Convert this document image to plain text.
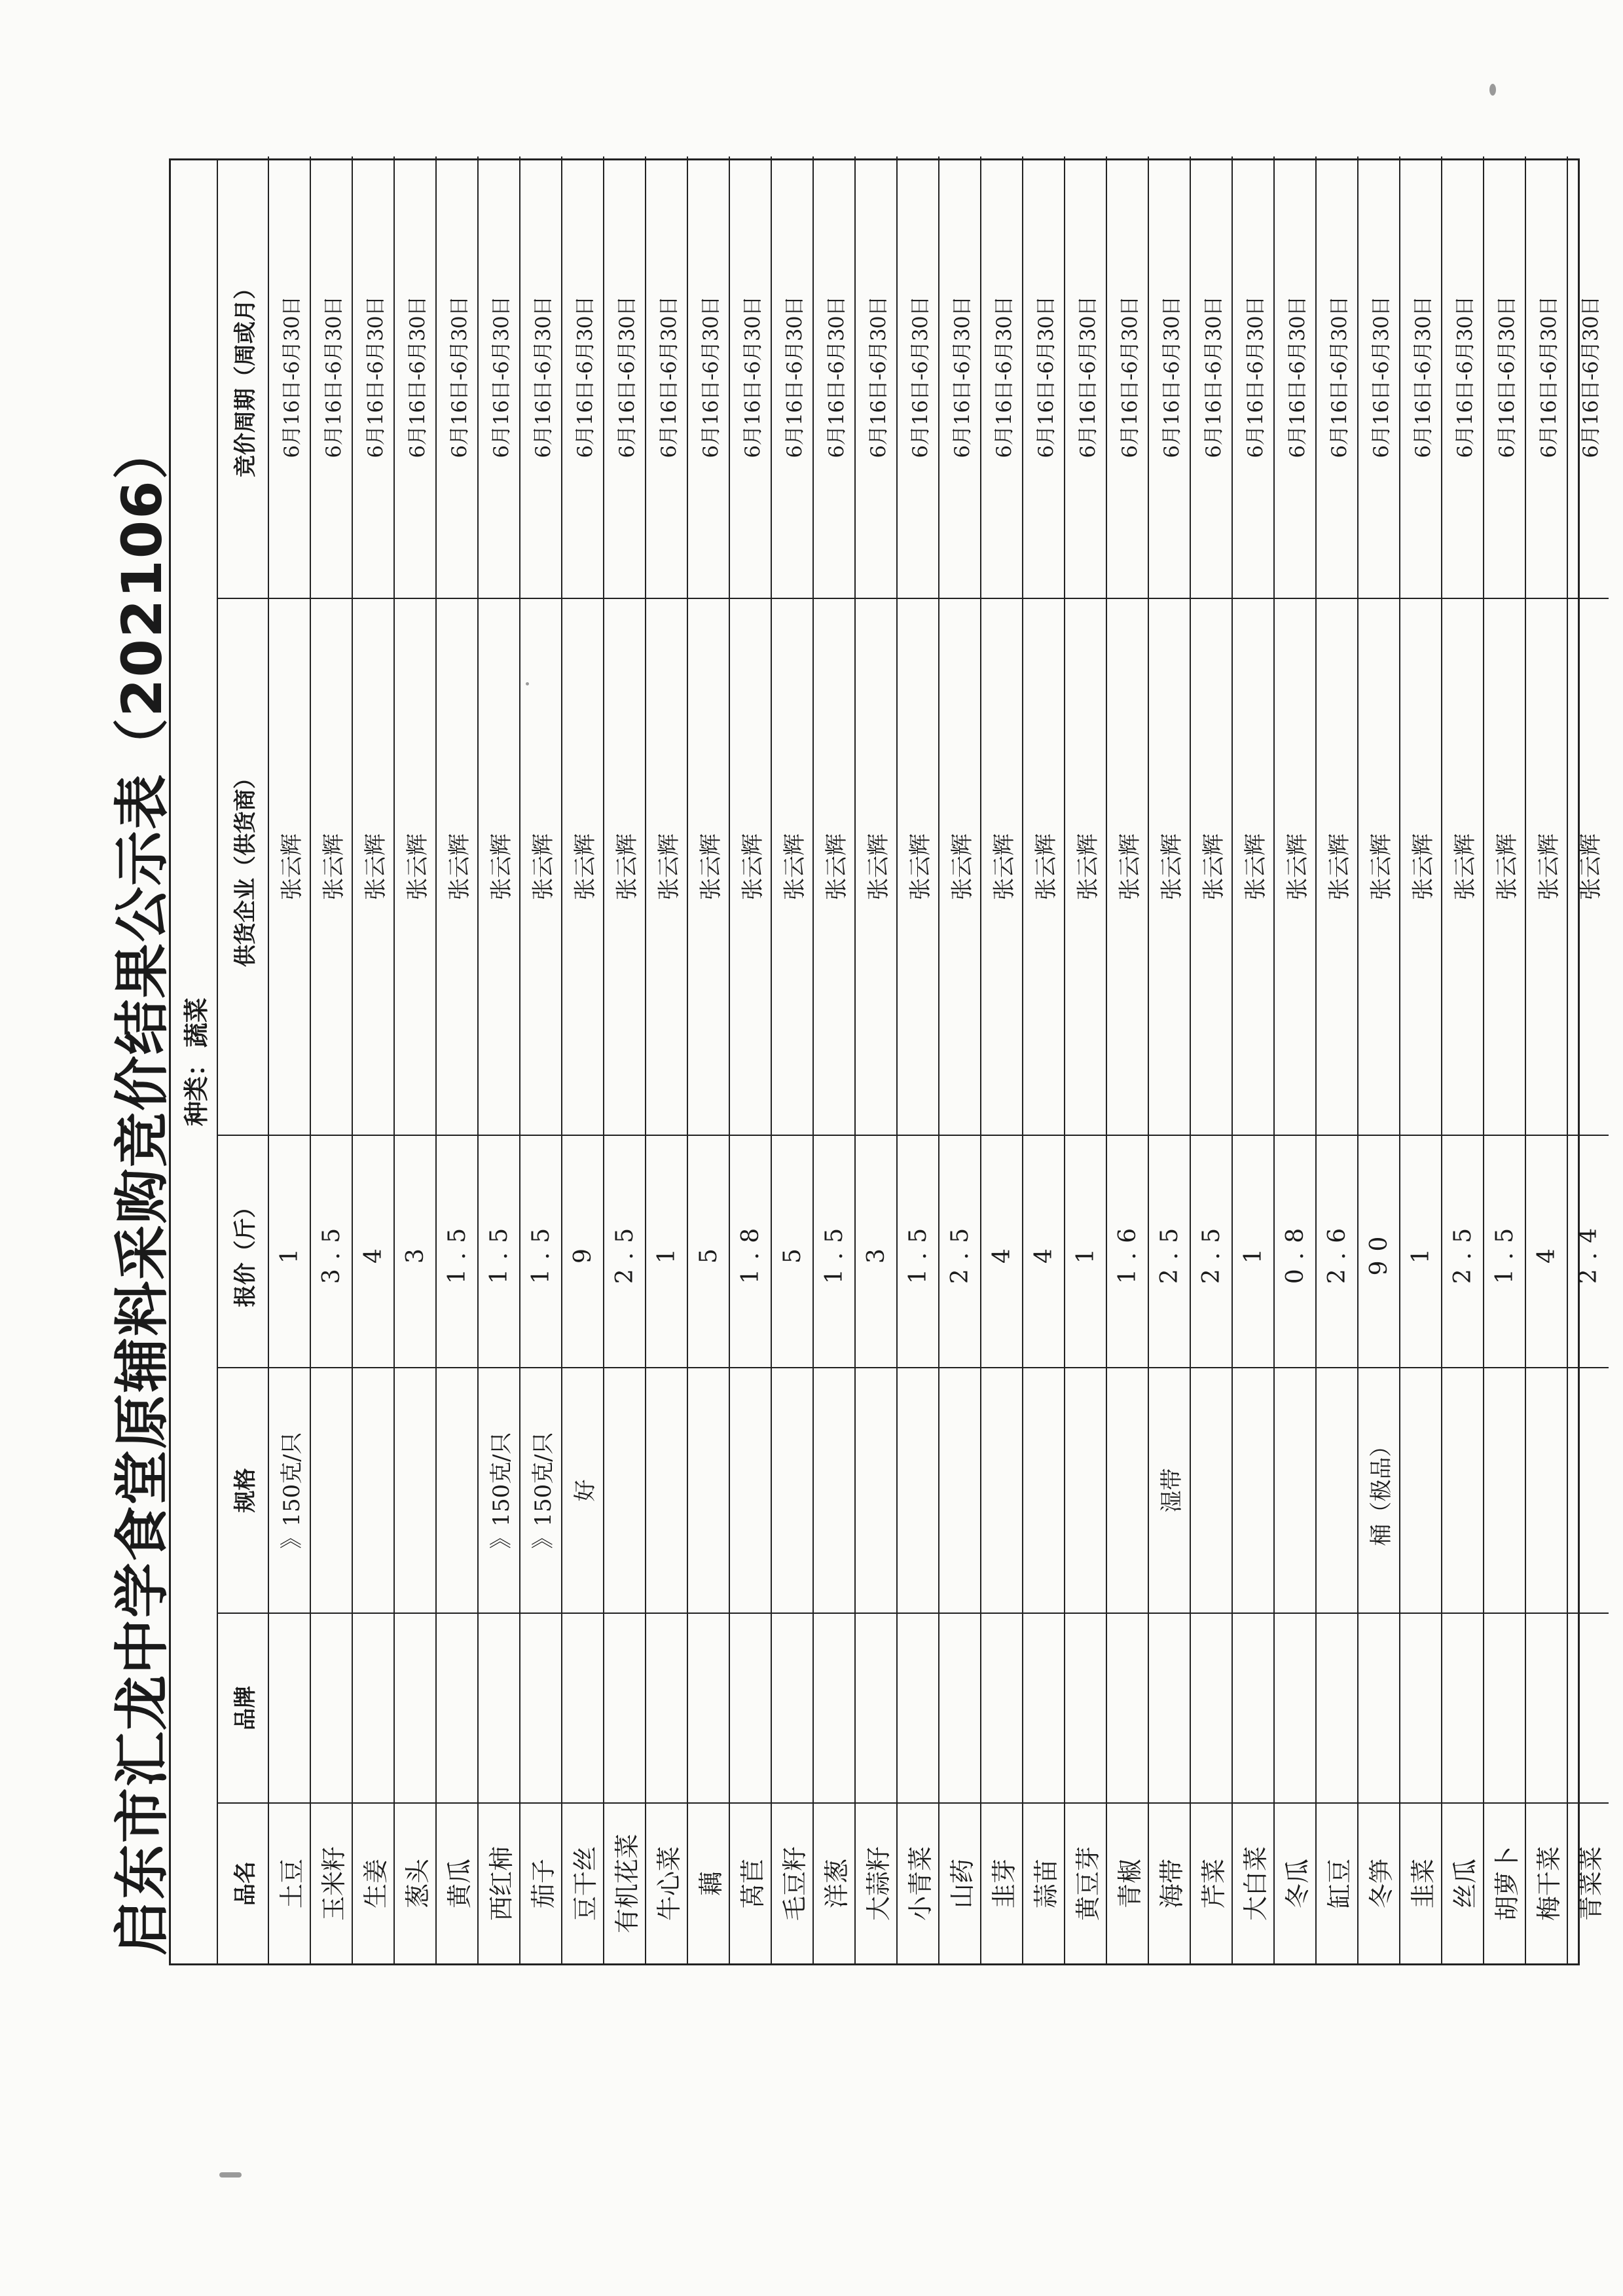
启东市汇龙中学食堂原辅料采购竞价结果公示表（202106） 种类：
蔬菜
品名	品牌	规格	报价（斤）	供货企业（供货商）	竞价周期（周或月）
土豆		》150克/只	1	张云辉	6月16日-6月30日
玉米籽			3.5	张云辉	6月16日-6月30日
生姜			4	张云辉	6月16日-6月30日
葱头			3	张云辉	6月16日-6月30日
黄瓜			1.5	张云辉	6月16日-6月30日
西红柿		》150克/只	1.5	张云辉	6月16日-6月30日
茄子		》150克/只	1.5	张云辉	6月16日-6月30日
豆干丝		好	9	张云辉	6月16日-6月30日
有机花菜			2.5	张云辉	6月16日-6月30日
牛心菜			1	张云辉	6月16日-6月30日
藕			5	张云辉	6月16日-6月30日
莴苣			1.8	张云辉	6月16日-6月30日
毛豆籽			5	张云辉	6月16日-6月30日
洋葱			1.5	张云辉	6月16日-6月30日
大蒜籽			3	张云辉	6月16日-6月30日
小青菜			1.5	张云辉	6月16日-6月30日
山药			2.5	张云辉	6月16日-6月30日
韭芽			4	张云辉	6月16日-6月30日
蒜苗			4	张云辉	6月16日-6月30日
黄豆芽			1	张云辉	6月16日-6月30日
青椒			1.6	张云辉	6月16日-6月30日
海带		湿带	2.5	张云辉	6月16日-6月30日
芹菜			2.5	张云辉	6月16日-6月30日
大白菜			1	张云辉	6月16日-6月30日
冬瓜			0.8	张云辉	6月16日-6月30日
缸豆			2.6	张云辉	6月16日-6月30日
冬笋		桶（极品）	90	张云辉	6月16日-6月30日
韭菜			1	张云辉	6月16日-6月30日
丝瓜			2.5	张云辉	6月16日-6月30日
胡萝卜			1.5	张云辉	6月16日-6月30日
梅干菜			4	张云辉	6月16日-6月30日
青菜菜			2.4	张云辉	6月16日-6月30日
